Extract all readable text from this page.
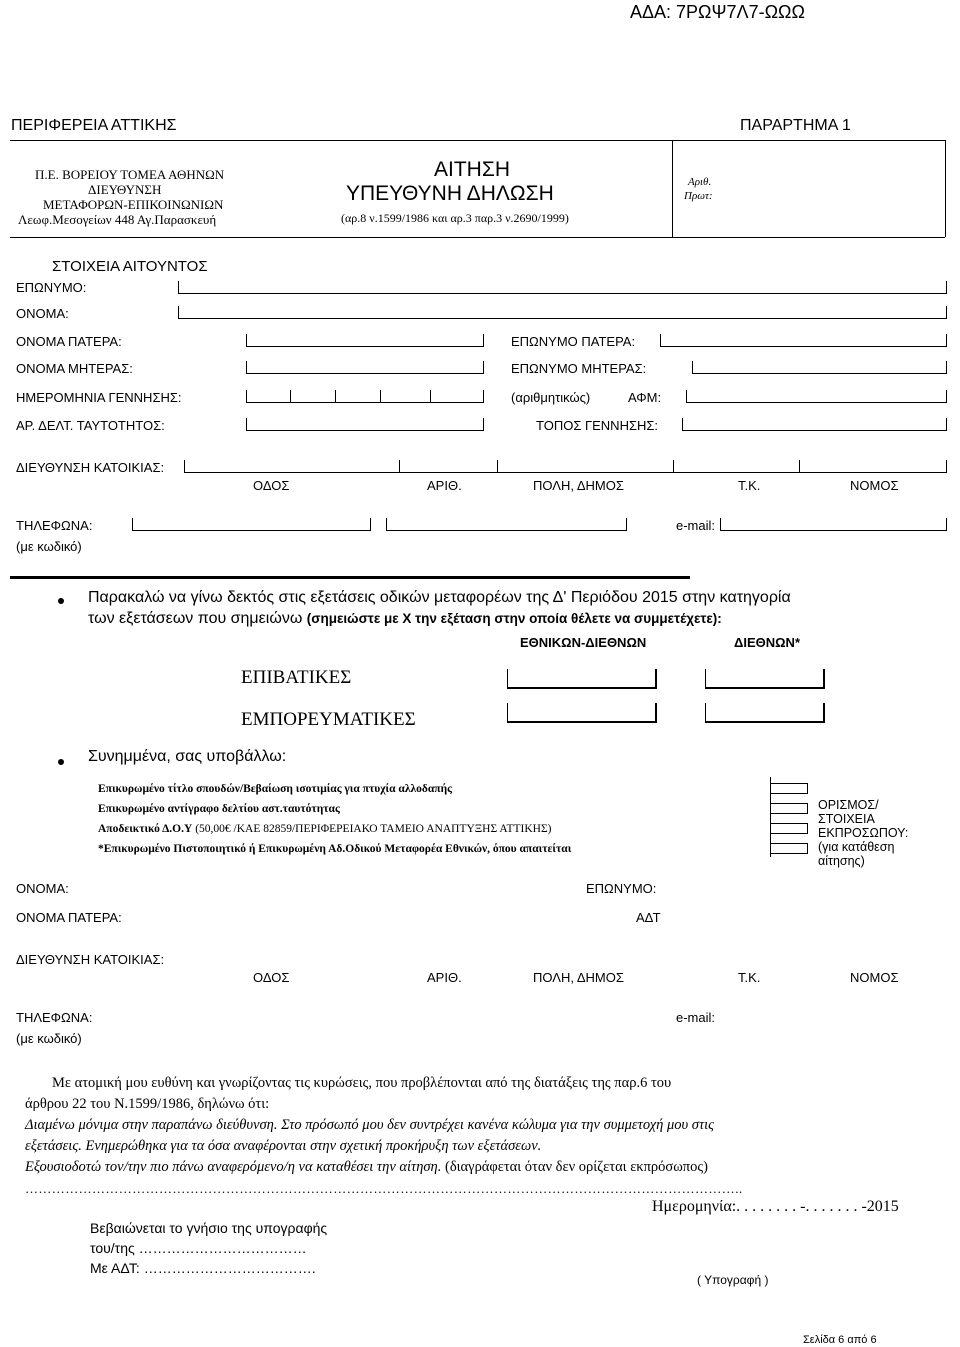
ΑΔΑ: 7ΡΩΨ7Λ7-ΩΩΩ
ΠΕΡΙΦΕΡΕΙΑ ΑΤΤΙΚΗΣ	ΠΑΡΑΡΤΗΜΑ 1
Π.Ε. ΒΟΡΕΙΟΥ ΤΟΜΕΑ ΑΘΗΝΩΝ
ΔΙΕΥΘΥΝΣΗ
ΜΕΤΑΦΟΡΩΝ-ΕΠΙΚΟΙΝΩΝΙΩΝ
Λεωφ.Μεσογείων 448 Αγ.Παρασκευή
ΑΙΤΗΣΗ
ΥΠΕΥΘΥΝΗ ΔΗΛΩΣΗ
(αρ.8 ν.1599/1986 και αρ.3 παρ.3 ν.2690/1999)
Αριθ.
Πρωτ:
ΣΤΟΙΧΕΙΑ ΑΙΤΟΥΝΤΟΣ
ΕΠΩΝΥΜΟ:
ΟΝΟΜΑ:
ΟΝΟΜΑ ΠΑΤΕΡΑ:	ΕΠΩΝΥΜΟ ΠΑΤΕΡΑ:
ΟΝΟΜΑ ΜΗΤΕΡΑΣ:	ΕΠΩΝΥΜΟ ΜΗΤΕΡΑΣ:
ΗΜΕΡΟΜΗΝΙΑ ΓΕΝΝΗΣΗΣ:	(αριθμητικώς)	ΑΦΜ:
ΑΡ. ΔΕΛΤ. ΤΑΥΤΟΤΗΤΟΣ:	ΤΟΠΟΣ ΓΕΝΝΗΣΗΣ:
ΔΙΕΥΘΥΝΣΗ ΚΑΤΟΙΚΙΑΣ:
ΟΔΟΣ	ΑΡΙΘ.	ΠΟΛΗ, ΔΗΜΟΣ	Τ.Κ.	ΝΟΜΟΣ
ΤΗΛΕΦΩΝΑ:	e-mail:
(με κωδικό)
Παρακαλώ να γίνω δεκτός στις εξετάσεις οδικών μεταφορέων της Δ' Περιόδου 2015 στην κατηγορία
των εξετάσεων που σημειώνω (σημειώστε με Χ την εξέταση στην οποία θέλετε να συμμετέχετε):
ΕΘΝΙΚΩΝ-ΔΙΕΘΝΩΝ	ΔΙΕΘΝΩΝ*
ΕΠΙΒΑΤΙΚΕΣ
ΕΜΠΟΡΕΥΜΑΤΙΚΕΣ
Συνημμένα, σας υποβάλλω:
Επικυρωμένο τίτλο σπουδών/Βεβαίωση ισοτιμίας για πτυχία αλλοδαπής
Επικυρωμένο αντίγραφο δελτίου αστ.ταυτότητας
Αποδεικτικό Δ.Ο.Υ (50,00€ /ΚΑΕ 82859/ΠΕΡΙΦΕΡΕΙΑΚΟ ΤΑΜΕΙΟ ΑΝΑΠΤΥΞΗΣ ΑΤΤΙΚΗΣ)
*Επικυρωμένο Πιστοποιητικό ή Επικυρωμένη Αδ.Οδικού Μεταφορέα Εθνικών, όπου απαιτείται
ΟΡΙΣΜΟΣ/
ΣΤΟΙΧΕΙΑ
ΕΚΠΡΟΣΩΠΟΥ:
(για κατάθεση
αίτησης)
ΟΝΟΜΑ:	ΕΠΩΝΥΜΟ:
ΟΝΟΜΑ ΠΑΤΕΡΑ:	ΑΔΤ
ΔΙΕΥΘΥΝΣΗ ΚΑΤΟΙΚΙΑΣ:
ΟΔΟΣ	ΑΡΙΘ.	ΠΟΛΗ, ΔΗΜΟΣ	Τ.Κ.	ΝΟΜΟΣ
ΤΗΛΕΦΩΝΑ:	e-mail:
(με κωδικό)
Με ατομική μου ευθύνη και γνωρίζοντας τις κυρώσεις, που προβλέπονται από της διατάξεις της παρ.6 του
άρθρου 22 του Ν.1599/1986, δηλώνω ότι:
Διαμένω μόνιμα στην παραπάνω διεύθυνση. Στο πρόσωπό μου δεν συντρέχει κανένα κώλυμα για την συμμετοχή μου στις
εξετάσεις. Ενημερώθηκα για τα όσα αναφέρονται στην σχετική προκήρυξη των εξετάσεων.
Εξουσιοδοτώ τον/την πιο πάνω αναφερόμενο/η να καταθέσει την αίτηση. (διαγράφεται όταν δεν ορίζεται εκπρόσωπος)
……………………………………………………………………………………………………………………………………………..
Ημερομηνία:. . . . . . . . -. . . . . . . -2015
Βεβαιώνεται το γνήσιο της υπογραφής
του/της ………………………………
Με ΑΔΤ: ……………………………….
( Υπογραφή )
Σελίδα 6 από 6
